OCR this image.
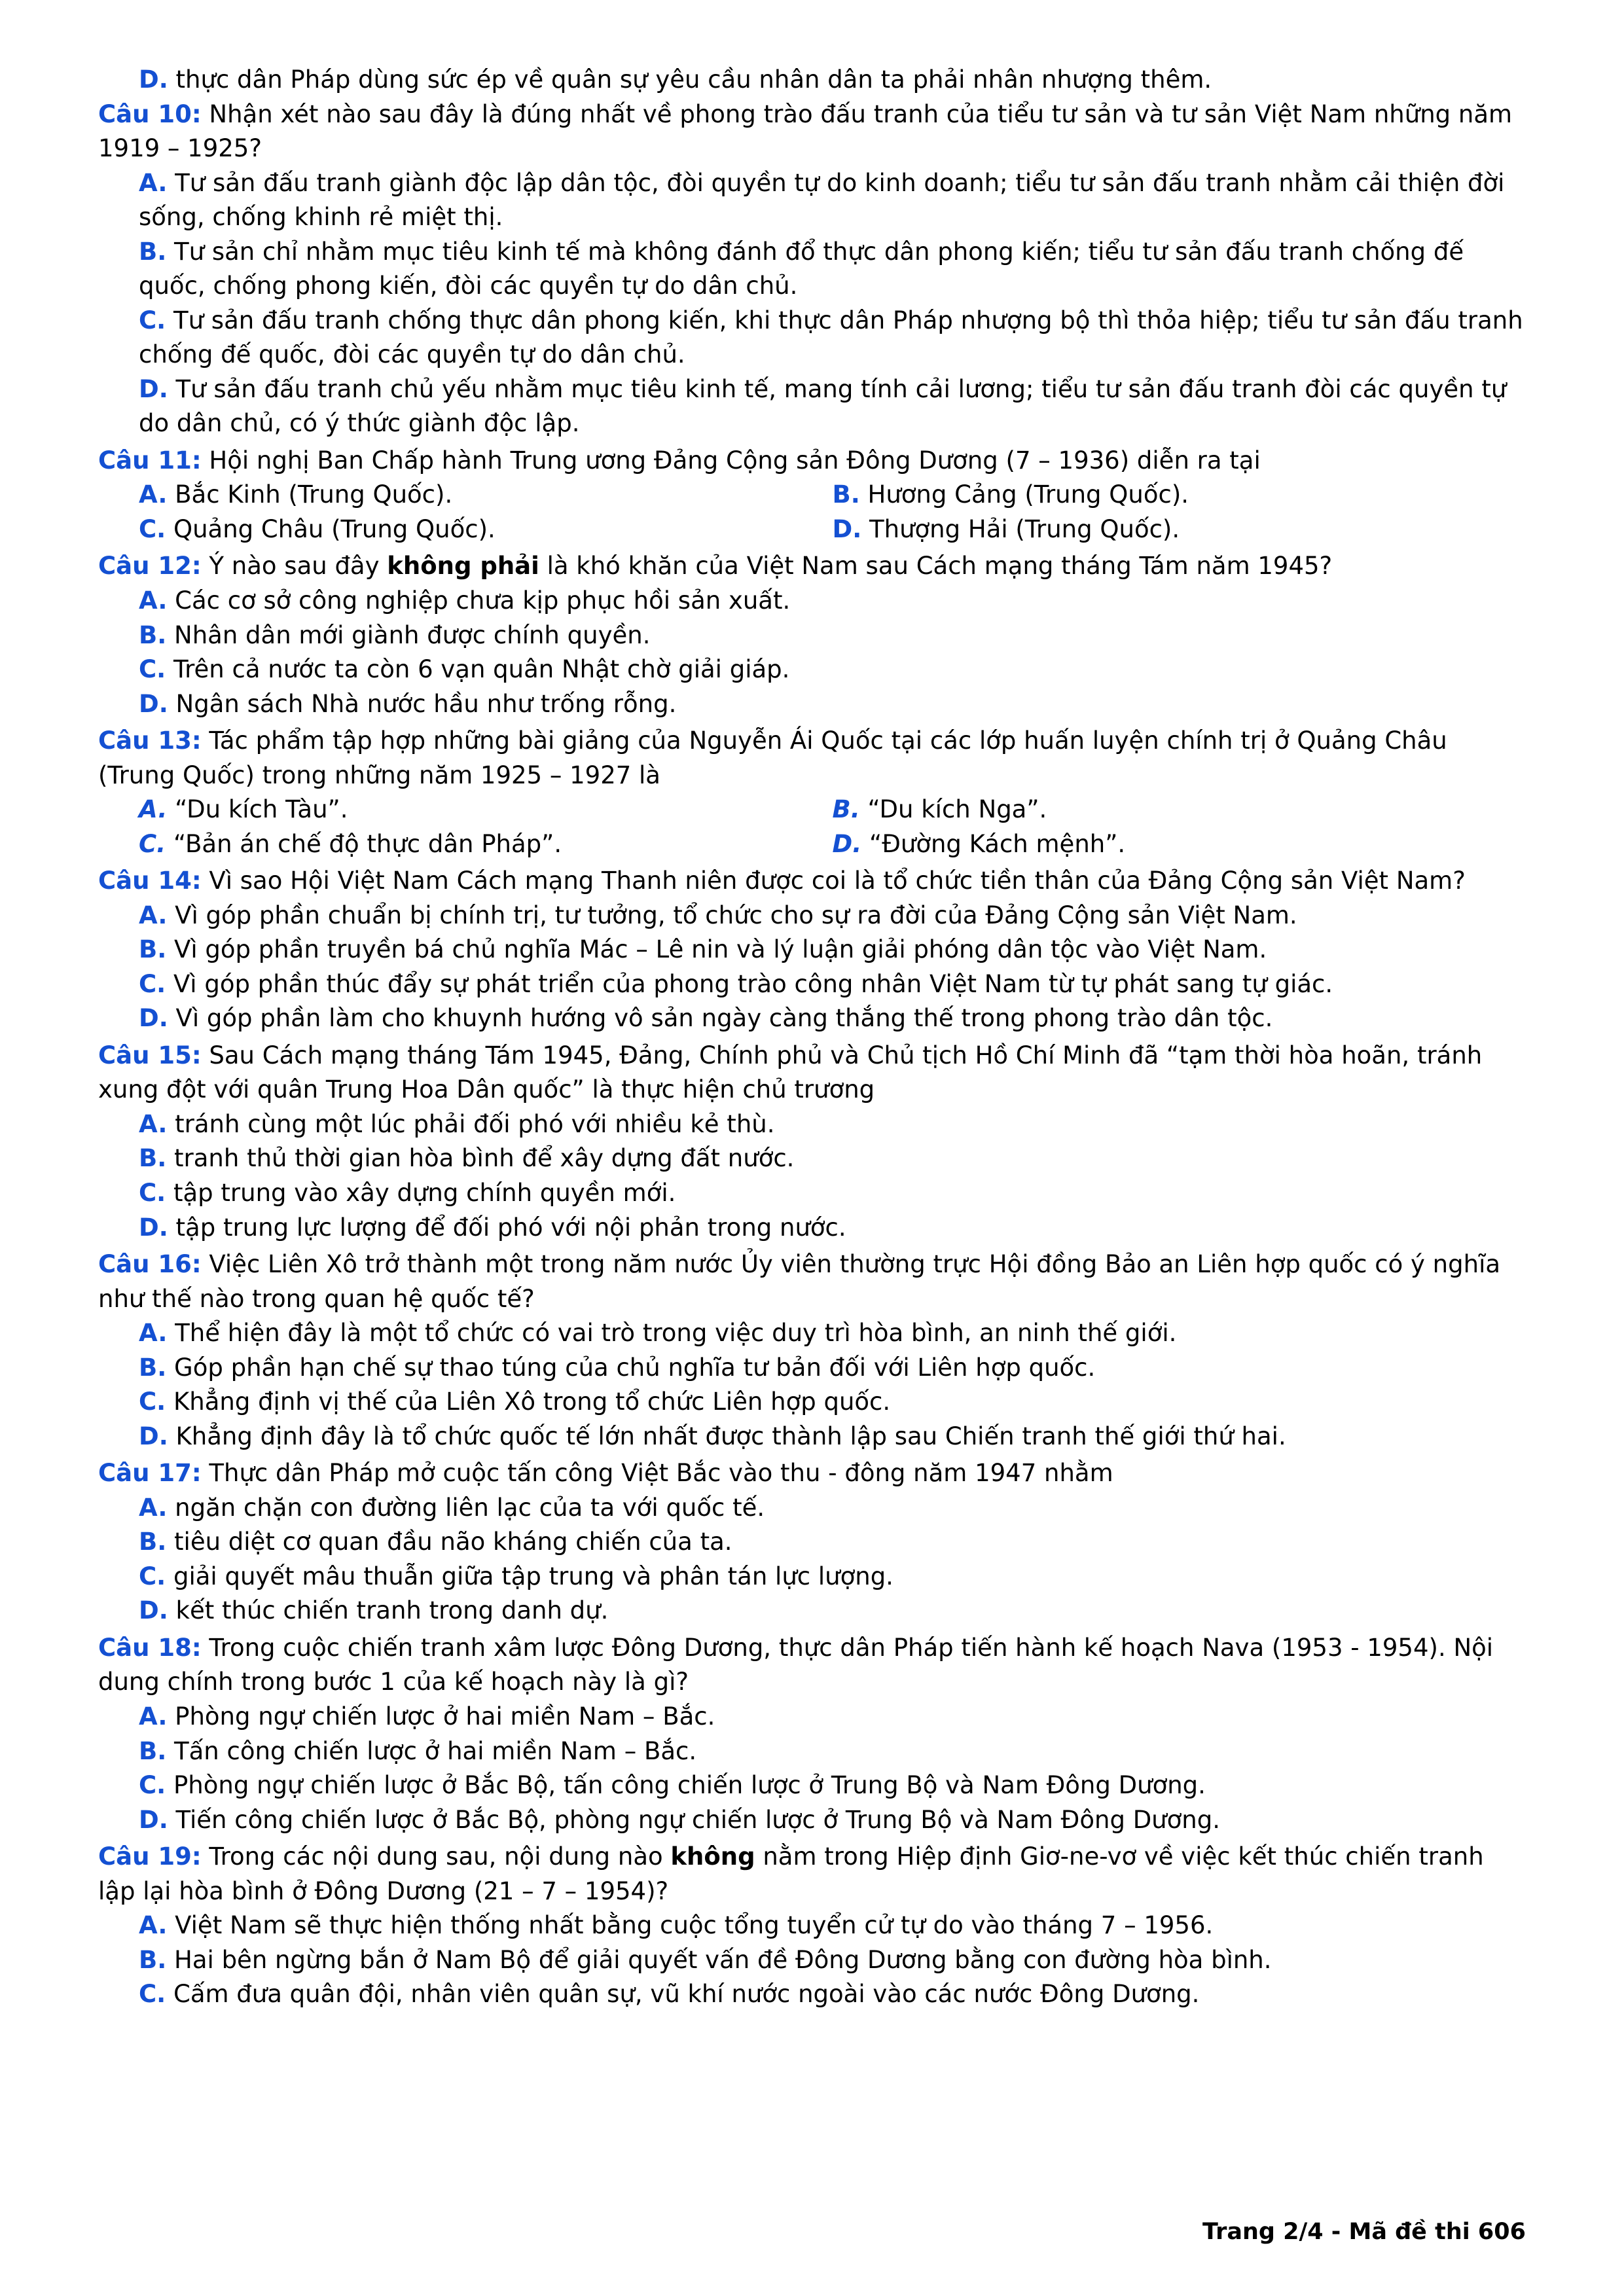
D. thực dân Pháp dùng sức ép về quân sự yêu cầu nhân dân ta phải nhân nhượng thêm.
Câu 10: Nhận xét nào sau đây là đúng nhất về phong trào đấu tranh của tiểu tư sản và tư sản Việt Nam những năm 1919 – 1925?
A. Tư sản đấu tranh giành độc lập dân tộc, đòi quyền tự do kinh doanh; tiểu tư sản đấu tranh nhằm cải thiện đời sống, chống khinh rẻ miệt thị.
B. Tư sản chỉ nhằm mục tiêu kinh tế mà không đánh đổ thực dân phong kiến; tiểu tư sản đấu tranh chống đế quốc, chống phong kiến, đòi các quyền tự do dân chủ.
C. Tư sản đấu tranh chống thực dân phong kiến, khi thực dân Pháp nhượng bộ thì thỏa hiệp; tiểu tư sản đấu tranh chống đế quốc, đòi các quyền tự do dân chủ.
D. Tư sản đấu tranh chủ yếu nhằm mục tiêu kinh tế, mang tính cải lương; tiểu tư sản đấu tranh đòi các quyền tự do dân chủ, có ý thức giành độc lập.
Câu 11: Hội nghị Ban Chấp hành Trung ương Đảng Cộng sản Đông Dương (7 – 1936) diễn ra tại
A. Bắc Kinh (Trung Quốc).	B. Hương Cảng (Trung Quốc).
C. Quảng Châu (Trung Quốc).	D. Thượng Hải (Trung Quốc).
Câu 12: Ý nào sau đây không phải là khó khăn của Việt Nam sau Cách mạng tháng Tám năm 1945?
A. Các cơ sở công nghiệp chưa kịp phục hồi sản xuất.
B. Nhân dân mới giành được chính quyền.
C. Trên cả nước ta còn 6 vạn quân Nhật chờ giải giáp.
D. Ngân sách Nhà nước hầu như trống rỗng.
Câu 13: Tác phẩm tập hợp những bài giảng của Nguyễn Ái Quốc tại các lớp huấn luyện chính trị ở Quảng Châu (Trung Quốc) trong những năm 1925 – 1927 là
A. “Du kích Tàu”.	B. “Du kích Nga”.
C. “Bản án chế độ thực dân Pháp”.	D. “Đường Kách mệnh”.
Câu 14: Vì sao Hội Việt Nam Cách mạng Thanh niên được coi là tổ chức tiền thân của Đảng Cộng sản Việt Nam?
A. Vì góp phần chuẩn bị chính trị, tư tưởng, tổ chức cho sự ra đời của Đảng Cộng sản Việt Nam.
B. Vì góp phần truyền bá chủ nghĩa Mác – Lê nin và lý luận giải phóng dân tộc vào Việt Nam.
C. Vì góp phần thúc đẩy sự phát triển của phong trào công nhân Việt Nam từ tự phát sang tự giác.
D. Vì góp phần làm cho khuynh hướng vô sản ngày càng thắng thế trong phong trào dân tộc.
Câu 15: Sau Cách mạng tháng Tám 1945, Đảng, Chính phủ và Chủ tịch Hồ Chí Minh đã “tạm thời hòa hoãn, tránh xung đột với quân Trung Hoa Dân quốc” là thực hiện chủ trương
A. tránh cùng một lúc phải đối phó với nhiều kẻ thù.
B. tranh thủ thời gian hòa bình để xây dựng đất nước.
C. tập trung vào xây dựng chính quyền mới.
D. tập trung lực lượng để đối phó với nội phản trong nước.
Câu 16: Việc Liên Xô trở thành một trong năm nước Ủy viên thường trực Hội đồng Bảo an Liên hợp quốc có ý nghĩa như thế nào trong quan hệ quốc tế?
A. Thể hiện đây là một tổ chức có vai trò trong việc duy trì hòa bình, an ninh thế giới.
B. Góp phần hạn chế sự thao túng của chủ nghĩa tư bản đối với Liên hợp quốc.
C. Khẳng định vị thế của Liên Xô trong tổ chức Liên hợp quốc.
D. Khẳng định đây là tổ chức quốc tế lớn nhất được thành lập sau Chiến tranh thế giới thứ hai.
Câu 17: Thực dân Pháp mở cuộc tấn công Việt Bắc vào thu - đông năm 1947 nhằm
A. ngăn chặn con đường liên lạc của ta với quốc tế.
B. tiêu diệt cơ quan đầu não kháng chiến của ta.
C. giải quyết mâu thuẫn giữa tập trung và phân tán lực lượng.
D. kết thúc chiến tranh trong danh dự.
Câu 18: Trong cuộc chiến tranh xâm lược Đông Dương, thực dân Pháp tiến hành kế hoạch Nava (1953 - 1954). Nội dung chính trong bước 1 của kế hoạch này là gì?
A. Phòng ngự chiến lược ở hai miền Nam – Bắc.
B. Tấn công chiến lược ở hai miền Nam – Bắc.
C. Phòng ngự chiến lược ở Bắc Bộ, tấn công chiến lược ở Trung Bộ và Nam Đông Dương.
D. Tiến công chiến lược ở Bắc Bộ, phòng ngự chiến lược ở Trung Bộ và Nam Đông Dương.
Câu 19: Trong các nội dung sau, nội dung nào không nằm trong Hiệp định Giơ-ne-vơ về việc kết thúc chiến tranh lập lại hòa bình ở Đông Dương (21 – 7 – 1954)?
A. Việt Nam sẽ thực hiện thống nhất bằng cuộc tổng tuyển cử tự do vào tháng 7 – 1956.
B. Hai bên ngừng bắn ở Nam Bộ để giải quyết vấn đề Đông Dương bằng con đường hòa bình.
C. Cấm đưa quân đội, nhân viên quân sự, vũ khí nước ngoài vào các nước Đông Dương.
Trang 2/4 - Mã đề thi 606
